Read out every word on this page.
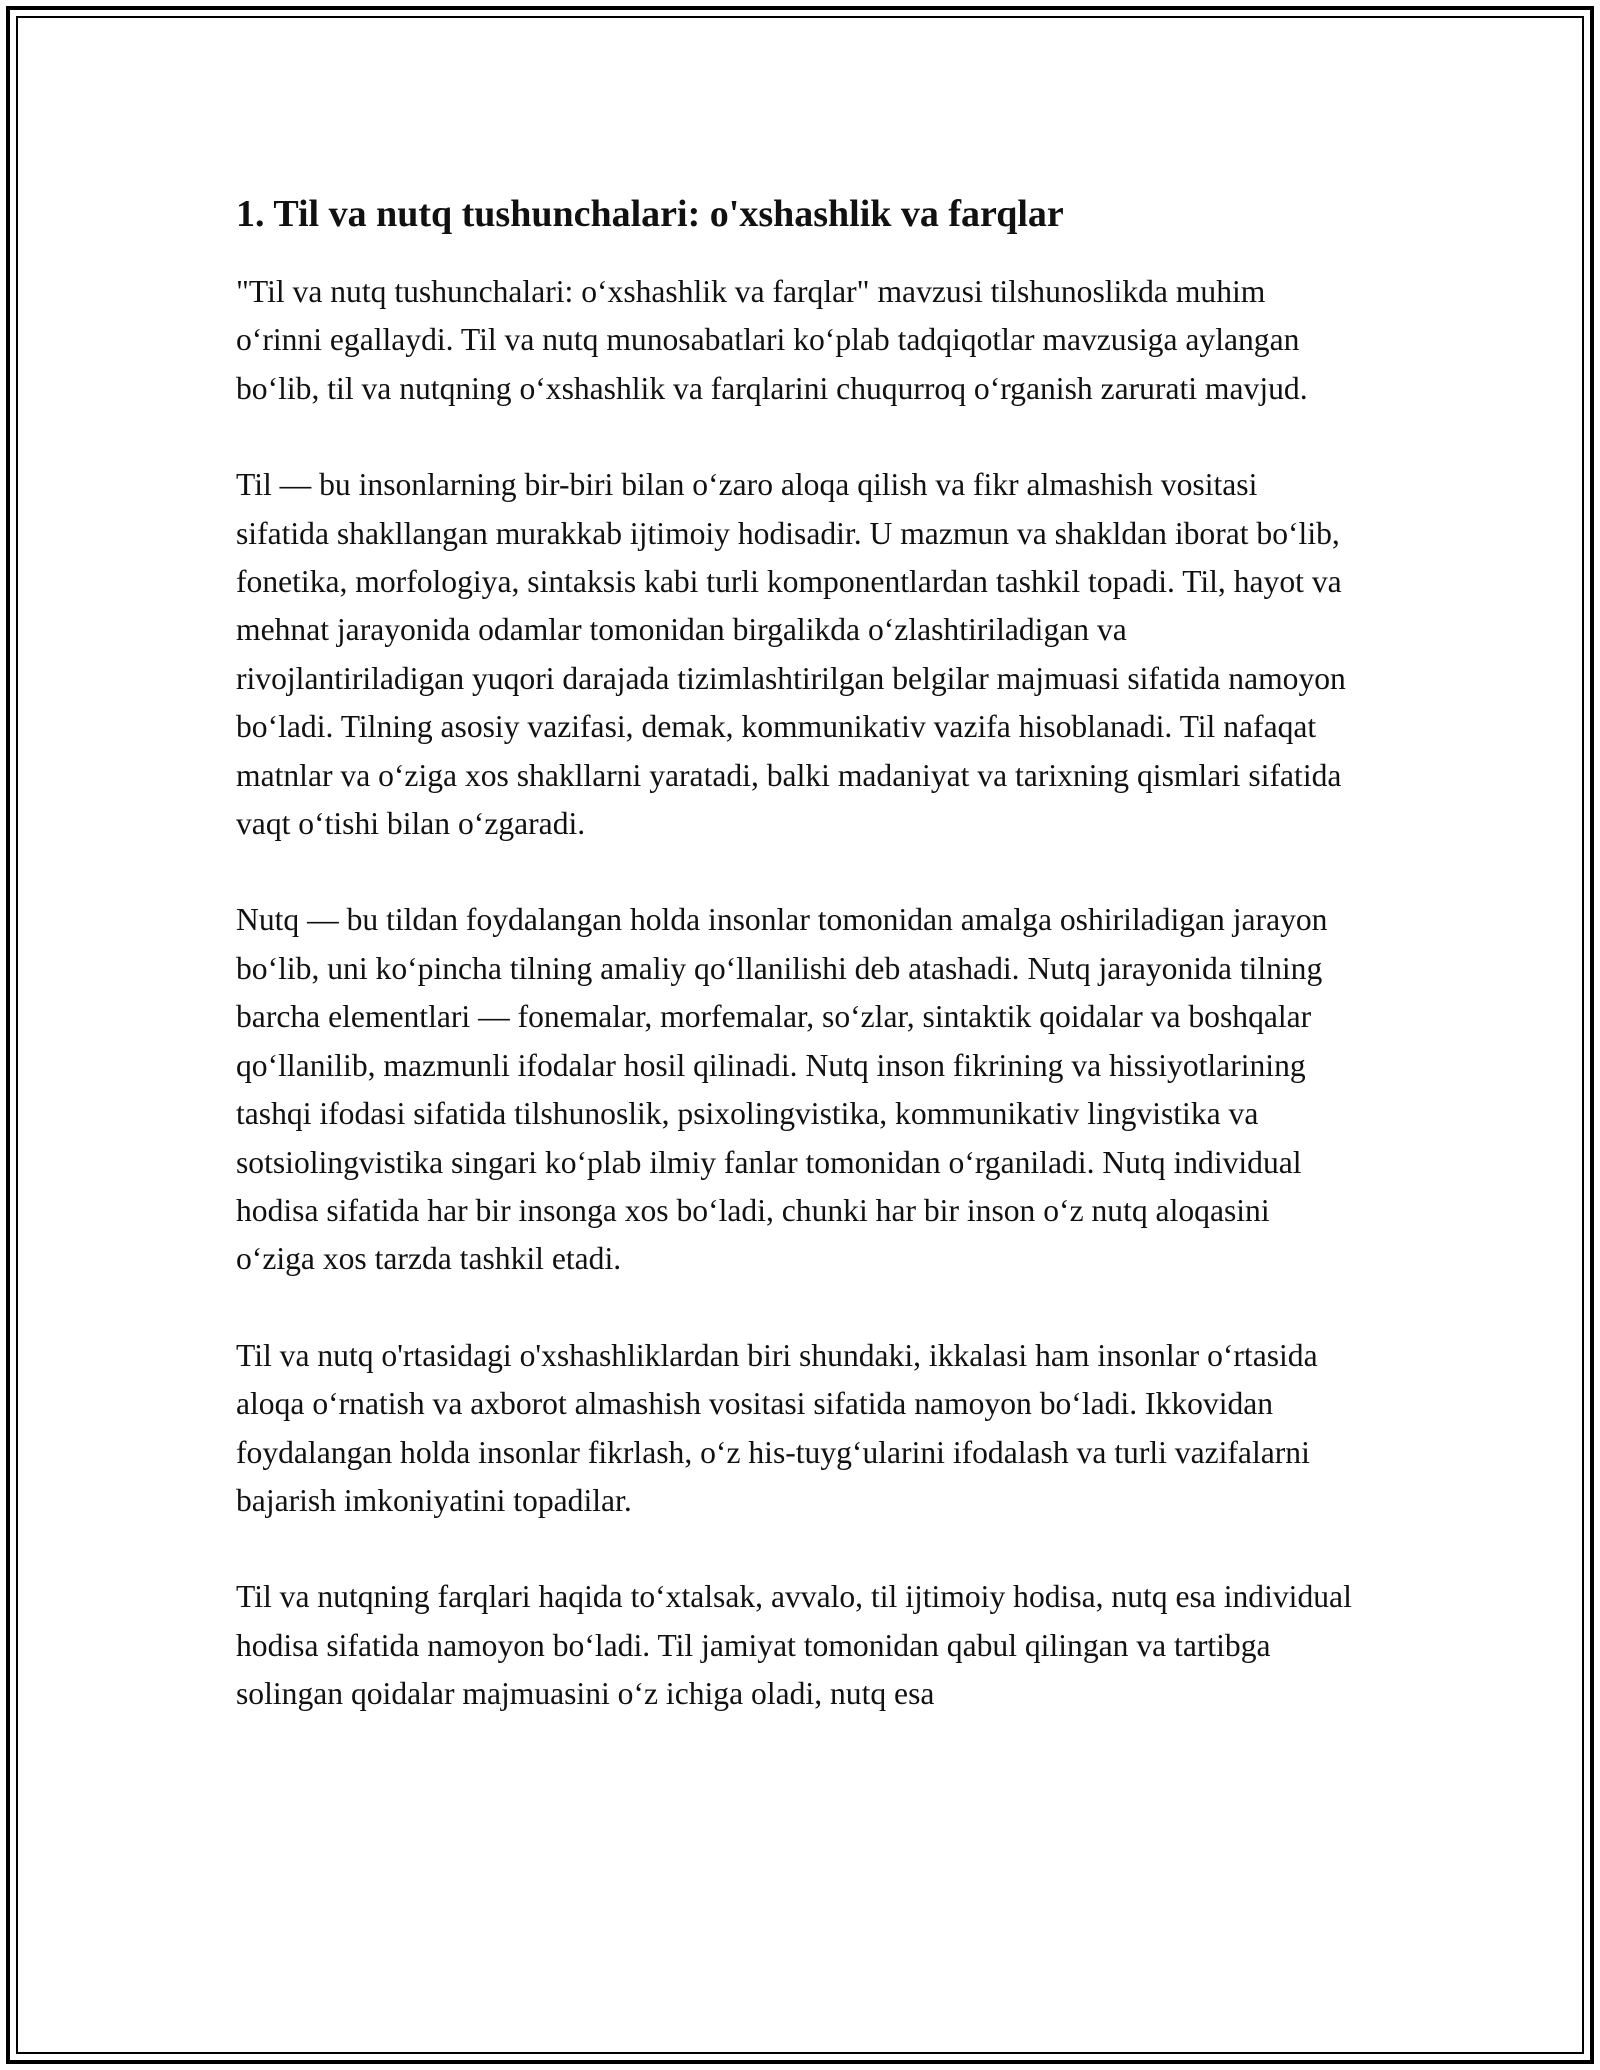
1. Til va nutq tushunchalari: o'xshashlik va farqlar

"Til va nutq tushunchalari: o‘xshashlik va farqlar" mavzusi tilshunoslikda muhim o‘rinni egallaydi. Til va nutq munosabatlari ko‘plab tadqiqotlar mavzusiga aylangan bo‘lib, til va nutqning o‘xshashlik va farqlarini chuqurroq o‘rganish zarurati mavjud.

Til — bu insonlarning bir-biri bilan o‘zaro aloqa qilish va fikr almashish vositasi sifatida shakllangan murakkab ijtimoiy hodisadir. U mazmun va shakldan iborat bo‘lib, fonetika, morfologiya, sintaksis kabi turli komponentlardan tashkil topadi. Til, hayot va mehnat jarayonida odamlar tomonidan birgalikda o‘zlashtiriladigan va rivojlantiriladigan yuqori darajada tizimlashtirilgan belgilar majmuasi sifatida namoyon bo‘ladi. Tilning asosiy vazifasi, demak, kommunikativ vazifa hisoblanadi. Til nafaqat matnlar va o‘ziga xos shakllarni yaratadi, balki madaniyat va tarixning qismlari sifatida vaqt o‘tishi bilan o‘zgaradi.

Nutq — bu tildan foydalangan holda insonlar tomonidan amalga oshiriladigan jarayon bo‘lib, uni ko‘pincha tilning amaliy qo‘llanilishi deb atashadi. Nutq jarayonida tilning barcha elementlari — fonemalar, morfemalar, so‘zlar, sintaktik qoidalar va boshqalar qo‘llanilib, mazmunli ifodalar hosil qilinadi. Nutq inson fikrining va hissiyotlarining tashqi ifodasi sifatida tilshunoslik, psixolingvistika, kommunikativ lingvistika va sotsiolingvistika singari ko‘plab ilmiy fanlar tomonidan o‘rganiladi. Nutq individual hodisa sifatida har bir insonga xos bo‘ladi, chunki har bir inson o‘z nutq aloqasini o‘ziga xos tarzda tashkil etadi.

Til va nutq o'rtasidagi o'xshashliklardan biri shundaki, ikkalasi ham insonlar o‘rtasida aloqa o‘rnatish va axborot almashish vositasi sifatida namoyon bo‘ladi. Ikkovidan foydalangan holda insonlar fikrlash, o‘z his-tuyg‘ularini ifodalash va turli vazifalarni bajarish imkoniyatini topadilar.

Til va nutqning farqlari haqida to‘xtalsak, avvalo, til ijtimoiy hodisa, nutq esa individual hodisa sifatida namoyon bo‘ladi. Til jamiyat tomonidan qabul qilingan va tartibga solingan qoidalar majmuasini o‘z ichiga oladi, nutq esa
